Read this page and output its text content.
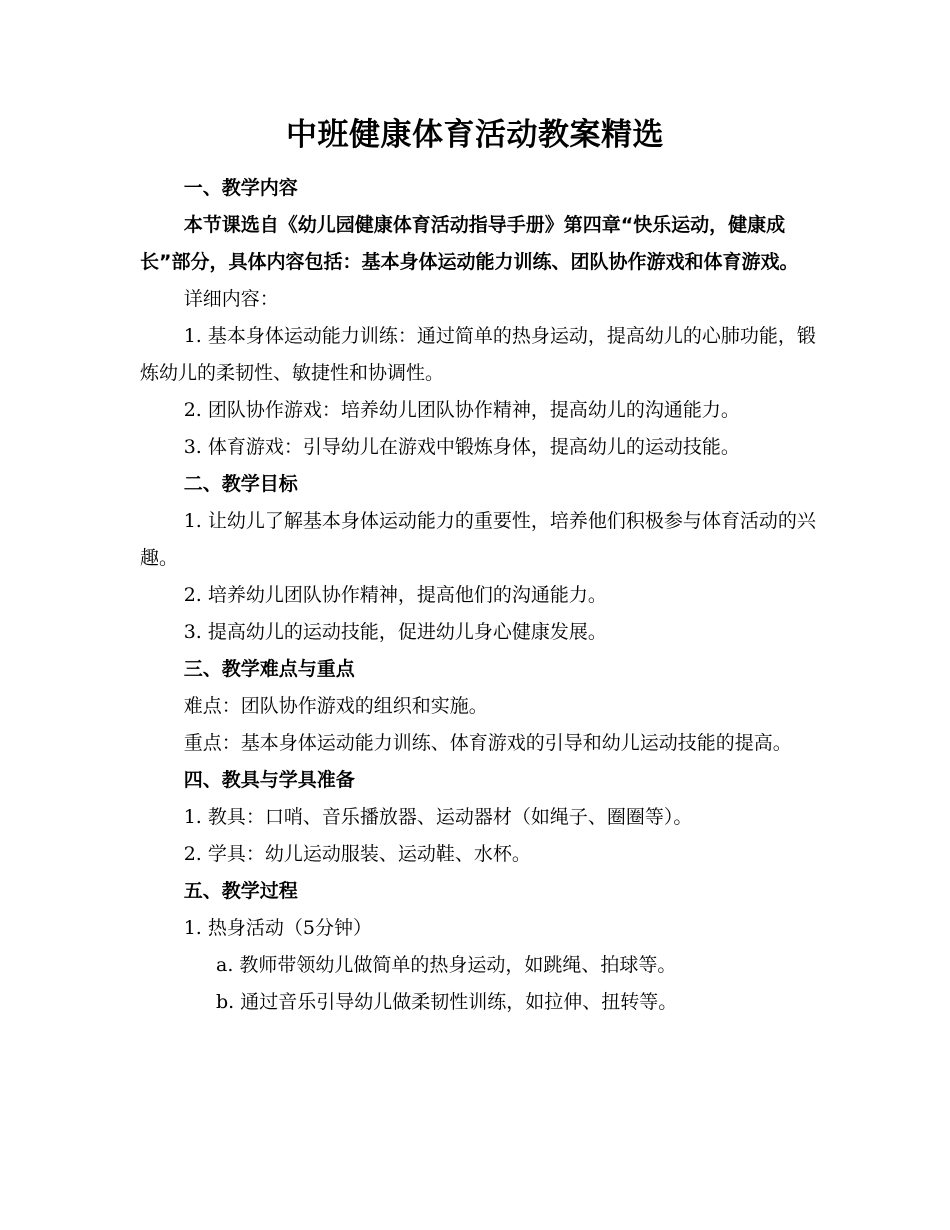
中班健康体育活动教案精选

一、教学内容

本节课选自《幼儿园健康体育活动指导手册》第四章“快乐运动，健康成长”部分，具体内容包括：基本身体运动能力训练、团队协作游戏和体育游戏。

详细内容：

1. 基本身体运动能力训练：通过简单的热身运动，提高幼儿的心肺功能，锻炼幼儿的柔韧性、敏捷性和协调性。

2. 团队协作游戏：培养幼儿团队协作精神，提高幼儿的沟通能力。

3. 体育游戏：引导幼儿在游戏中锻炼身体，提高幼儿的运动技能。

二、教学目标

1. 让幼儿了解基本身体运动能力的重要性，培养他们积极参与体育活动的兴趣。

2. 培养幼儿团队协作精神，提高他们的沟通能力。

3. 提高幼儿的运动技能，促进幼儿身心健康发展。

三、教学难点与重点

难点：团队协作游戏的组织和实施。

重点：基本身体运动能力训练、体育游戏的引导和幼儿运动技能的提高。

四、教具与学具准备

1. 教具：口哨、音乐播放器、运动器材（如绳子、圈圈等）。

2. 学具：幼儿运动服装、运动鞋、水杯。

五、教学过程

1. 热身活动（5分钟）

a. 教师带领幼儿做简单的热身运动，如跳绳、拍球等。

b. 通过音乐引导幼儿做柔韧性训练，如拉伸、扭转等。
